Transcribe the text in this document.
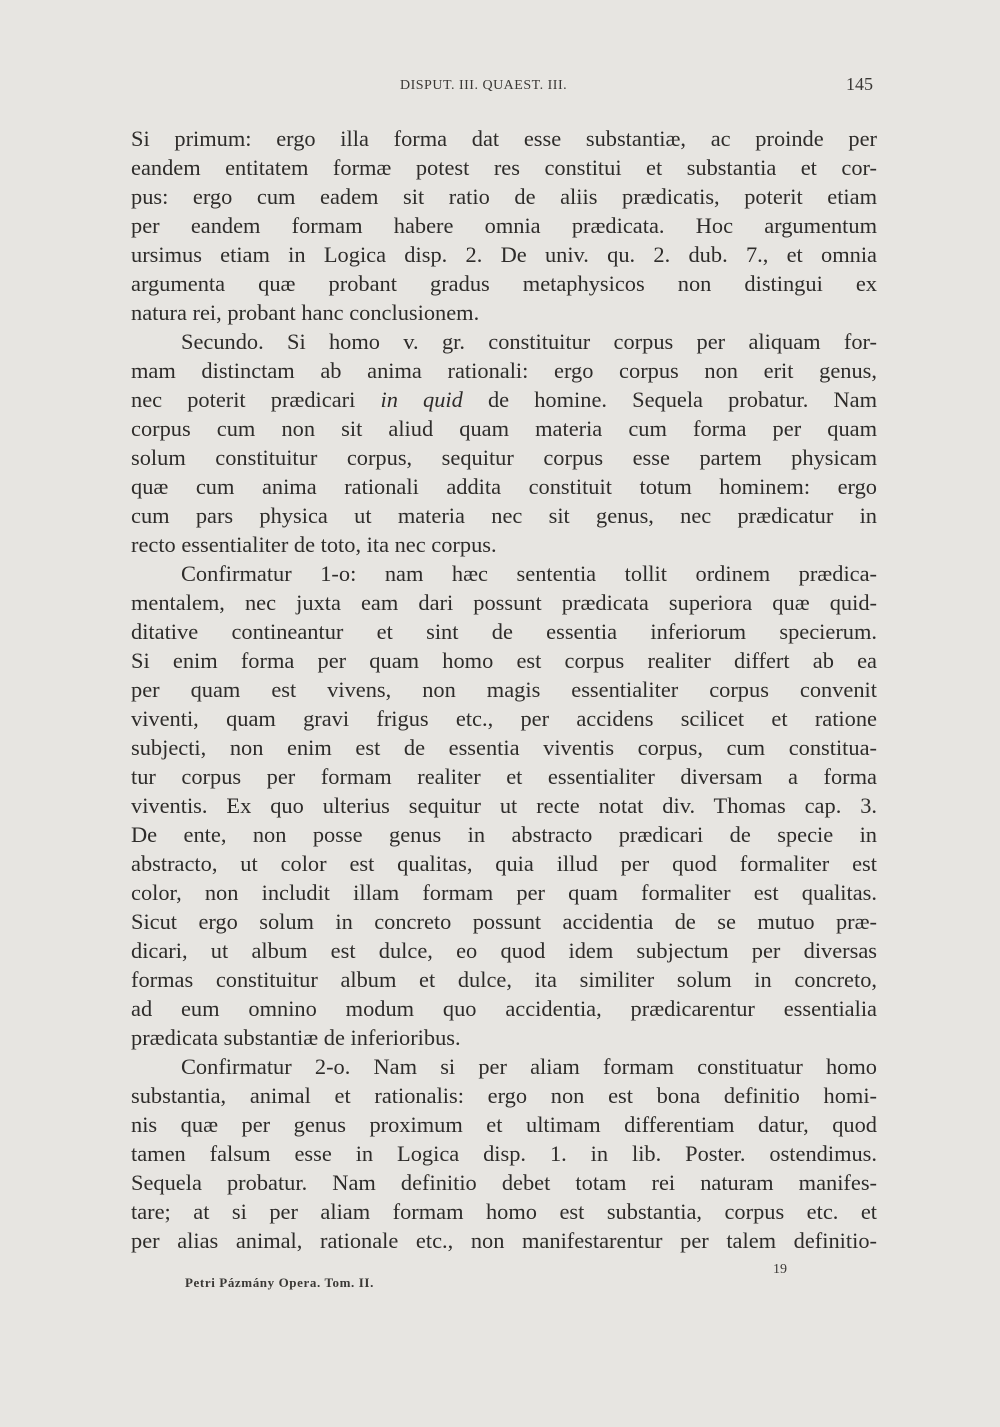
DISPUT. III. QUAEST. III.	145
Si primum: ergo illa forma dat esse substantiæ, ac proinde per
eandem entitatem formæ potest res constitui et substantia et cor-
pus: ergo cum eadem sit ratio de aliis prædicatis, poterit etiam
per eandem formam habere omnia prædicata. Hoc argumentum
ursimus etiam in Logica disp. 2. De univ. qu. 2. dub. 7., et omnia
argumenta quæ probant gradus metaphysicos non distingui ex
natura rei, probant hanc conclusionem.
Secundo. Si homo v. gr. constituitur corpus per aliquam for-
mam distinctam ab anima rationali: ergo corpus non erit genus,
nec poterit prædicari in quid de homine. Sequela probatur. Nam
corpus cum non sit aliud quam materia cum forma per quam
solum constituitur corpus, sequitur corpus esse partem physicam
quæ cum anima rationali addita constituit totum hominem: ergo
cum pars physica ut materia nec sit genus, nec prædicatur in
recto essentialiter de toto, ita nec corpus.
Confirmatur 1-o: nam hæc sententia tollit ordinem prædica-
mentalem, nec juxta eam dari possunt prædicata superiora quæ quid-
ditative contineantur et sint de essentia inferiorum specierum.
Si enim forma per quam homo est corpus realiter differt ab ea
per quam est vivens, non magis essentialiter corpus convenit
viventi, quam gravi frigus etc., per accidens scilicet et ratione
subjecti, non enim est de essentia viventis corpus, cum constitua-
tur corpus per formam realiter et essentialiter diversam a forma
viventis. Ex quo ulterius sequitur ut recte notat div. Thomas cap. 3.
De ente, non posse genus in abstracto prædicari de specie in
abstracto, ut color est qualitas, quia illud per quod formaliter est
color, non includit illam formam per quam formaliter est qualitas.
Sicut ergo solum in concreto possunt accidentia de se mutuo præ-
dicari, ut album est dulce, eo quod idem subjectum per diversas
formas constituitur album et dulce, ita similiter solum in concreto,
ad eum omnino modum quo accidentia, prædicarentur essentialia
prædicata substantiæ de inferioribus.
Confirmatur 2-o. Nam si per aliam formam constituatur homo
substantia, animal et rationalis: ergo non est bona definitio homi-
nis quæ per genus proximum et ultimam differentiam datur, quod
tamen falsum esse in Logica disp. 1. in lib. Poster. ostendimus.
Sequela probatur. Nam definitio debet totam rei naturam manifes-
tare; at si per aliam formam homo est substantia, corpus etc. et
per alias animal, rationale etc., non manifestarentur per talem definitio-
19
Petri Pázmány Opera. Tom. II.
